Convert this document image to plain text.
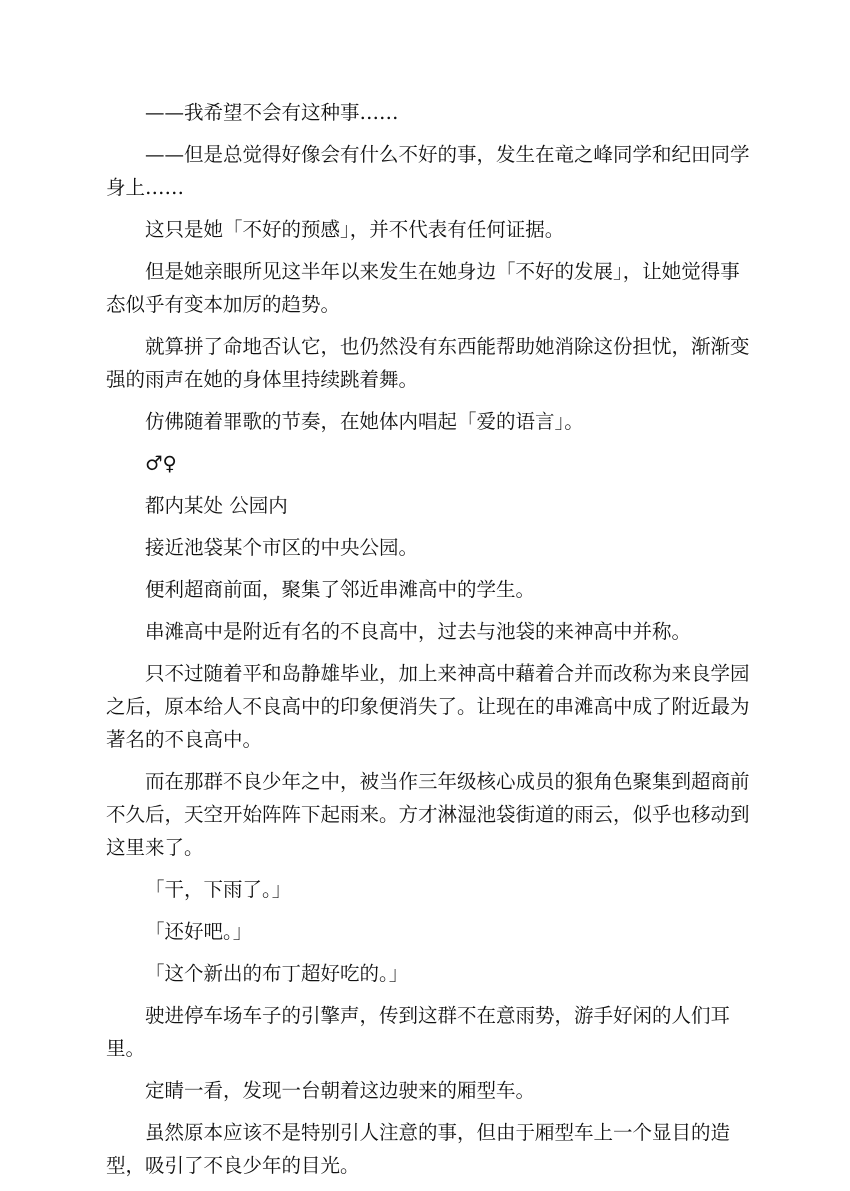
——我希望不会有这种事……

——但是总觉得好像会有什么不好的事，发生在竜之峰同学和纪田同学身上……

这只是她「不好的预感」，并不代表有任何证据。

但是她亲眼所见这半年以来发生在她身边「不好的发展」，让她觉得事态似乎有变本加厉的趋势。

就算拼了命地否认它，也仍然没有东西能帮助她消除这份担忧，渐渐变强的雨声在她的身体里持续跳着舞。

仿佛随着罪歌的节奏，在她体内唱起「爱的语言」。

♂♀

都内某处 公园内

接近池袋某个市区的中央公园。

便利超商前面，聚集了邻近串滩高中的学生。

串滩高中是附近有名的不良高中，过去与池袋的来神高中并称。

只不过随着平和岛静雄毕业，加上来神高中藉着合并而改称为来良学园之后，原本给人不良高中的印象便消失了。让现在的串滩高中成了附近最为著名的不良高中。

而在那群不良少年之中，被当作三年级核心成员的狠角色聚集到超商前不久后，天空开始阵阵下起雨来。方才淋湿池袋街道的雨云，似乎也移动到这里来了。

「干，下雨了。」

「还好吧。」

「这个新出的布丁超好吃的。」

驶进停车场车子的引擎声，传到这群不在意雨势，游手好闲的人们耳里。

定睛一看，发现一台朝着这边驶来的厢型车。

虽然原本应该不是特别引人注意的事，但由于厢型车上一个显目的造型，吸引了不良少年的目光。
